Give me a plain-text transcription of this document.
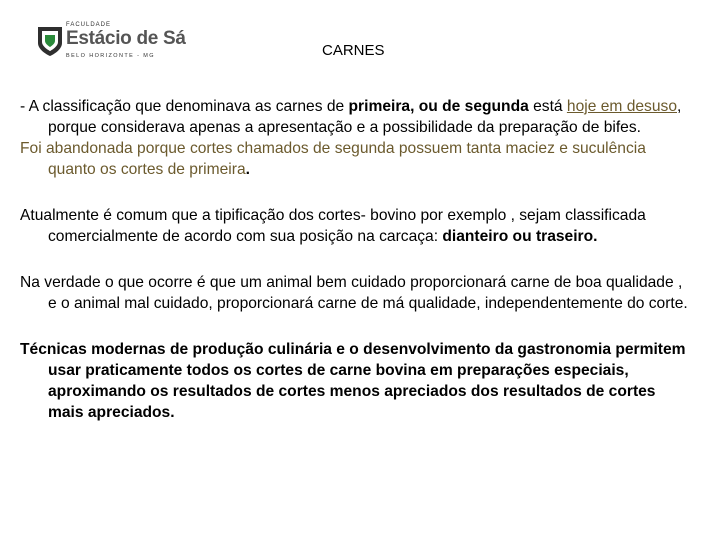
FACULDADE
Estácio de Sá
BELO HORIZONTE - MG	CARNES

- A classificação que denominava as carnes de primeira, ou de segunda está hoje em desuso, porque considerava apenas a apresentação e a possibilidade da preparação de bifes.

Foi abandonada porque cortes chamados de segunda possuem tanta maciez e suculência quanto os cortes de primeira.

Atualmente é comum que a tipificação dos cortes- bovino por exemplo , sejam classificada comercialmente de acordo com sua posição na carcaça: dianteiro ou traseiro.

Na verdade o que ocorre é que um animal bem cuidado proporcionará carne de boa qualidade , e o animal mal cuidado, proporcionará carne de má qualidade, independentemente do corte.

Técnicas modernas de produção culinária e o desenvolvimento da gastronomia permitem usar praticamente todos os cortes de carne bovina em preparações especiais, aproximando os resultados de cortes menos apreciados dos resultados de cortes mais apreciados.
